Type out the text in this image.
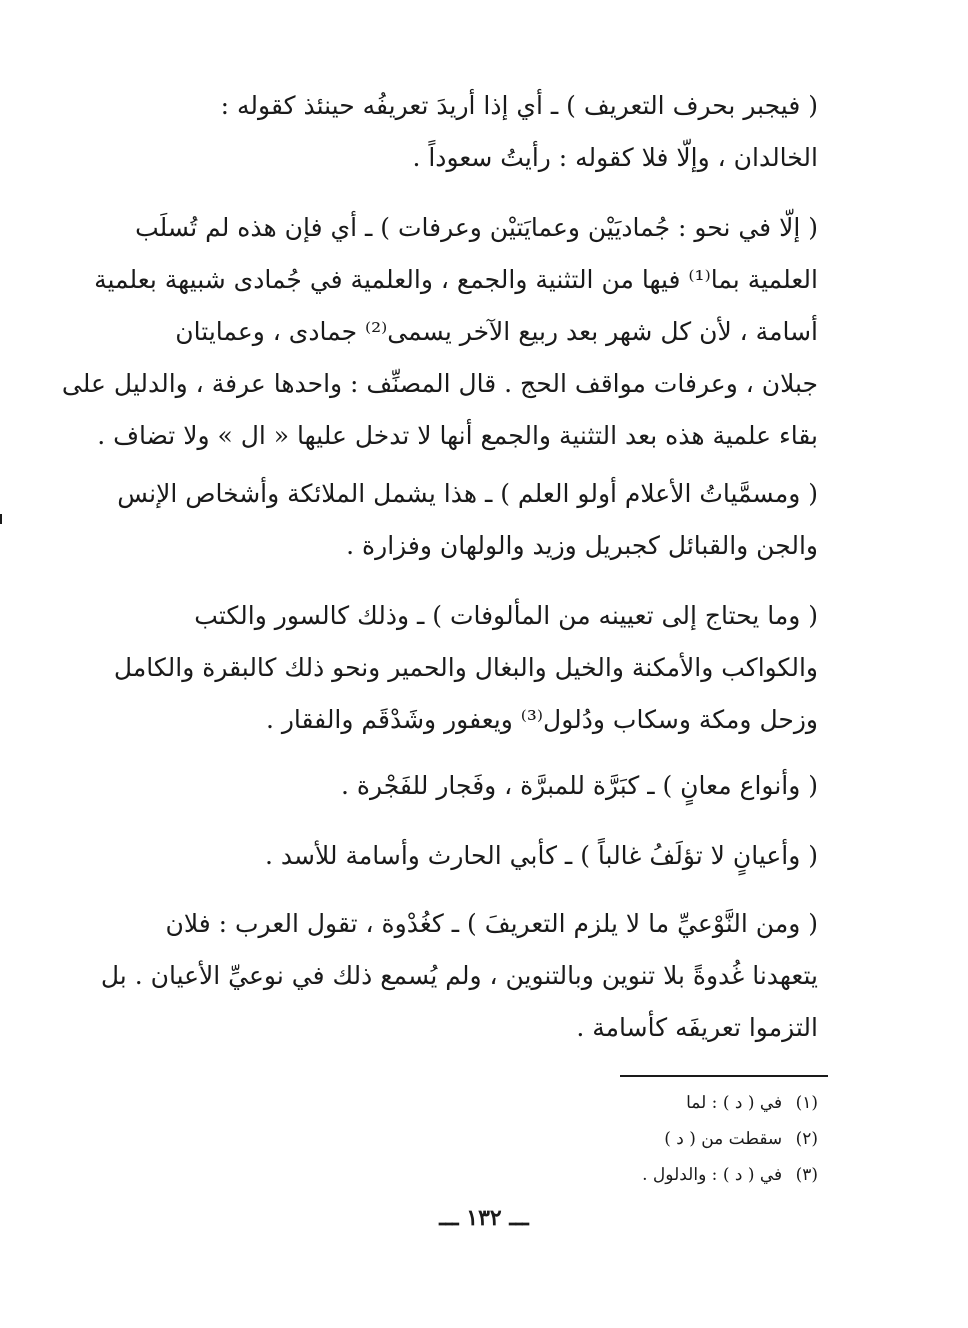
( فيجبر بحرف التعريف ) ـ أي إذا أريدَ تعريفُه حينئذ كقوله :
الخالدان ، وإلّا فلا كقوله : رأيتُ سعوداً .

( إلّا في نحو : جُماديَيْن وعمايَتيْن وعرفات ) ـ أي فإن هذه لم تُسلَب
العلمية بما⁽¹⁾ فيها من التثنية والجمع ، والعلمية في جُمادى شبيهة بعلمية
أسامة ، لأن كل شهر بعد ربيع الآخر يسمى⁽²⁾ جمادى ، وعمايتان
جبلان ، وعرفات مواقف الحج . قال المصنِّف : واحدها عرفة ، والدليل على
بقاء علمية هذه بعد التثنية والجمع أنها لا تدخل عليها « ال » ولا تضاف .

( ومسمَّياتُ الأعلام أولو العلم ) ـ هذا يشمل الملائكة وأشخاص الإنس
والجن والقبائل كجبريل وزيد والولهان وفزارة .

( وما يحتاج إلى تعيينه من المألوفات ) ـ وذلك كالسور والكتب
والكواكب والأمكنة والخيل والبغال والحمير ونحو ذلك كالبقرة والكامل
وزحل ومكة وسكاب ودُلول⁽³⁾ ويعفور وشَدْقَم والفقار .

( وأنواع معانٍ ) ـ كبَرَّة للمبرَّة ، وفَجار للفَجْرة .

( وأعيانٍ لا تؤلَفُ غالباً ) ـ كأبي الحارث وأسامة للأسد .

( ومن النَّوْعيِّ ما لا يلزم التعريفَ ) ـ كغُدْوة ، تقول العرب : فلان
يتعهدنا غُدوةً بلا تنوين وبالتنوين ، ولم يُسمع ذلك في نوعيِّ الأعيان . بل
التزموا تعريفَه كأسامة .

(١) في ( د ) : لما
(٢) سقطت من ( د )
(٣) في ( د ) : والدلول .
ـــ ١٣٢ ـــ
